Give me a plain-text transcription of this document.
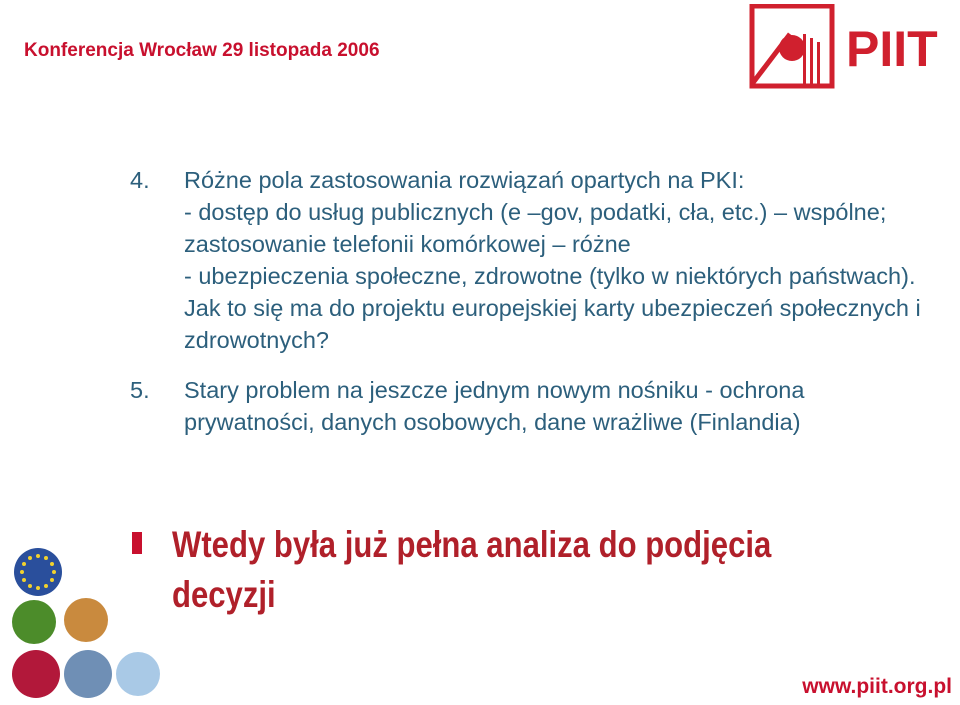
Konferencja Wrocław 29 listopada 2006	PIIT
4.	Różne pola zastosowania rozwiązań opartych na PKI:
- dostęp do usług publicznych (e –gov, podatki, cła, etc.) – wspólne; zastosowanie telefonii komórkowej – różne
- ubezpieczenia społeczne, zdrowotne (tylko w niektórych państwach). Jak to się ma do projektu europejskiej karty ubezpieczeń społecznych i zdrowotnych?
5.	Stary problem na jeszcze jednym nowym nośniku - ochrona prywatności, danych osobowych, dane wrażliwe (Finlandia)
Wtedy była już pełna analiza do podjęcia decyzji
www.piit.org.pl
